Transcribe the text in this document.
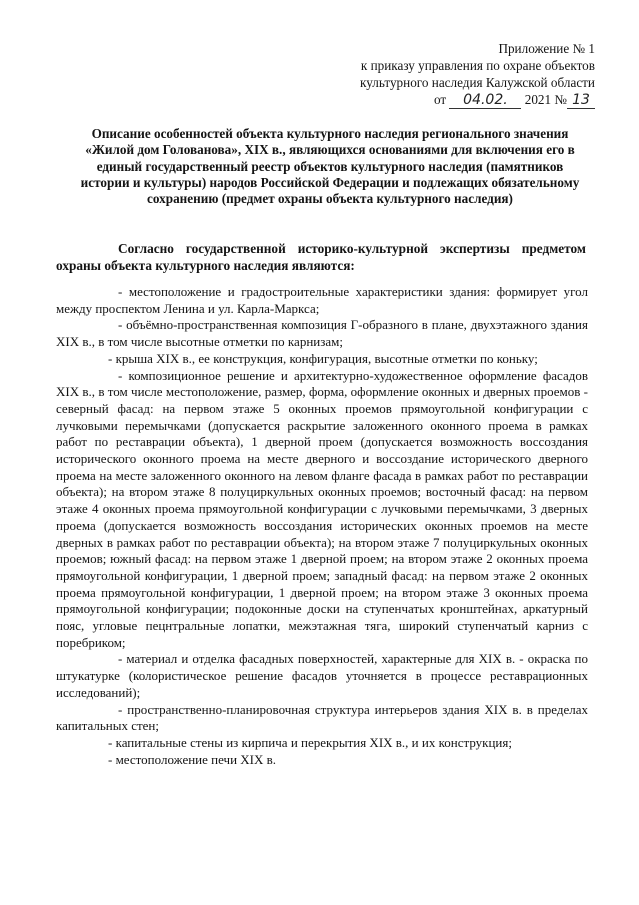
Приложение № 1
к приказу управления по охране объектов
культурного наследия Калужской области
от 04.02. 2021 № 13
Описание особенностей объекта культурного наследия регионального значения «Жилой дом Голованова», XIX в., являющихся основаниями для включения его в единый государственный реестр объектов культурного наследия (памятников истории и культуры) народов Российской Федерации и подлежащих обязательному сохранению (предмет охраны объекта культурного наследия)
Согласно государственной историко-культурной экспертизы предметом охраны объекта культурного наследия являются:

- местоположение и градостроительные характеристики здания: формирует угол между проспектом Ленина и ул. Карла-Маркса;

- объёмно-пространственная композиция Г-образного в плане, двухэтажного здания XIX в., в том числе высотные отметки по карнизам;

- крыша XIX в., ее конструкция, конфигурация, высотные отметки по коньку;

- композиционное решение и архитектурно-художественное оформление фасадов XIX в., в том числе местоположение, размер, форма, оформление оконных и дверных проемов - северный фасад: на первом этаже 5 оконных проемов прямоугольной конфигурации с лучковыми перемычками (допускается раскрытие заложенного оконного проема в рамках работ по реставрации объекта), 1 дверной проем (допускается возможность воссоздания исторического оконного проема на месте дверного и воссоздание исторического дверного проема на месте заложенного оконного на левом фланге фасада в рамках работ по реставрации объекта); на втором этаже 8 полуциркульных оконных проемов; восточный фасад: на первом этаже 4 оконных проема прямоугольной конфигурации с лучковыми перемычками, 3 дверных проема (допускается возможность воссоздания исторических оконных проемов на месте дверных в рамках работ по реставрации объекта); на втором этаже 7 полуциркульных оконных проемов; южный фасад: на первом этаже 1 дверной проем; на втором этаже 2 оконных проема прямоугольной конфигурации, 1 дверной проем; западный фасад: на первом этаже 2 оконных проема прямоугольной конфигурации, 1 дверной проем; на втором этаже 3 оконных проема прямоугольной конфигурации; подоконные доски на ступенчатых кронштейнах, аркатурный пояс, угловые пецнтральные лопатки, межэтажная тяга, широкий ступенчатый карниз с поребриком;

- материал и отделка фасадных поверхностей, характерные для XIX в. - окраска по штукатурке (колористическое решение фасадов уточняется в процессе реставрационных исследований);

- пространственно-планировочная структура интерьеров здания XIX в. в пределах капитальных стен;

- капитальные стены из кирпича и перекрытия XIX в., и их конструкция;

- местоположение печи XIX в.
